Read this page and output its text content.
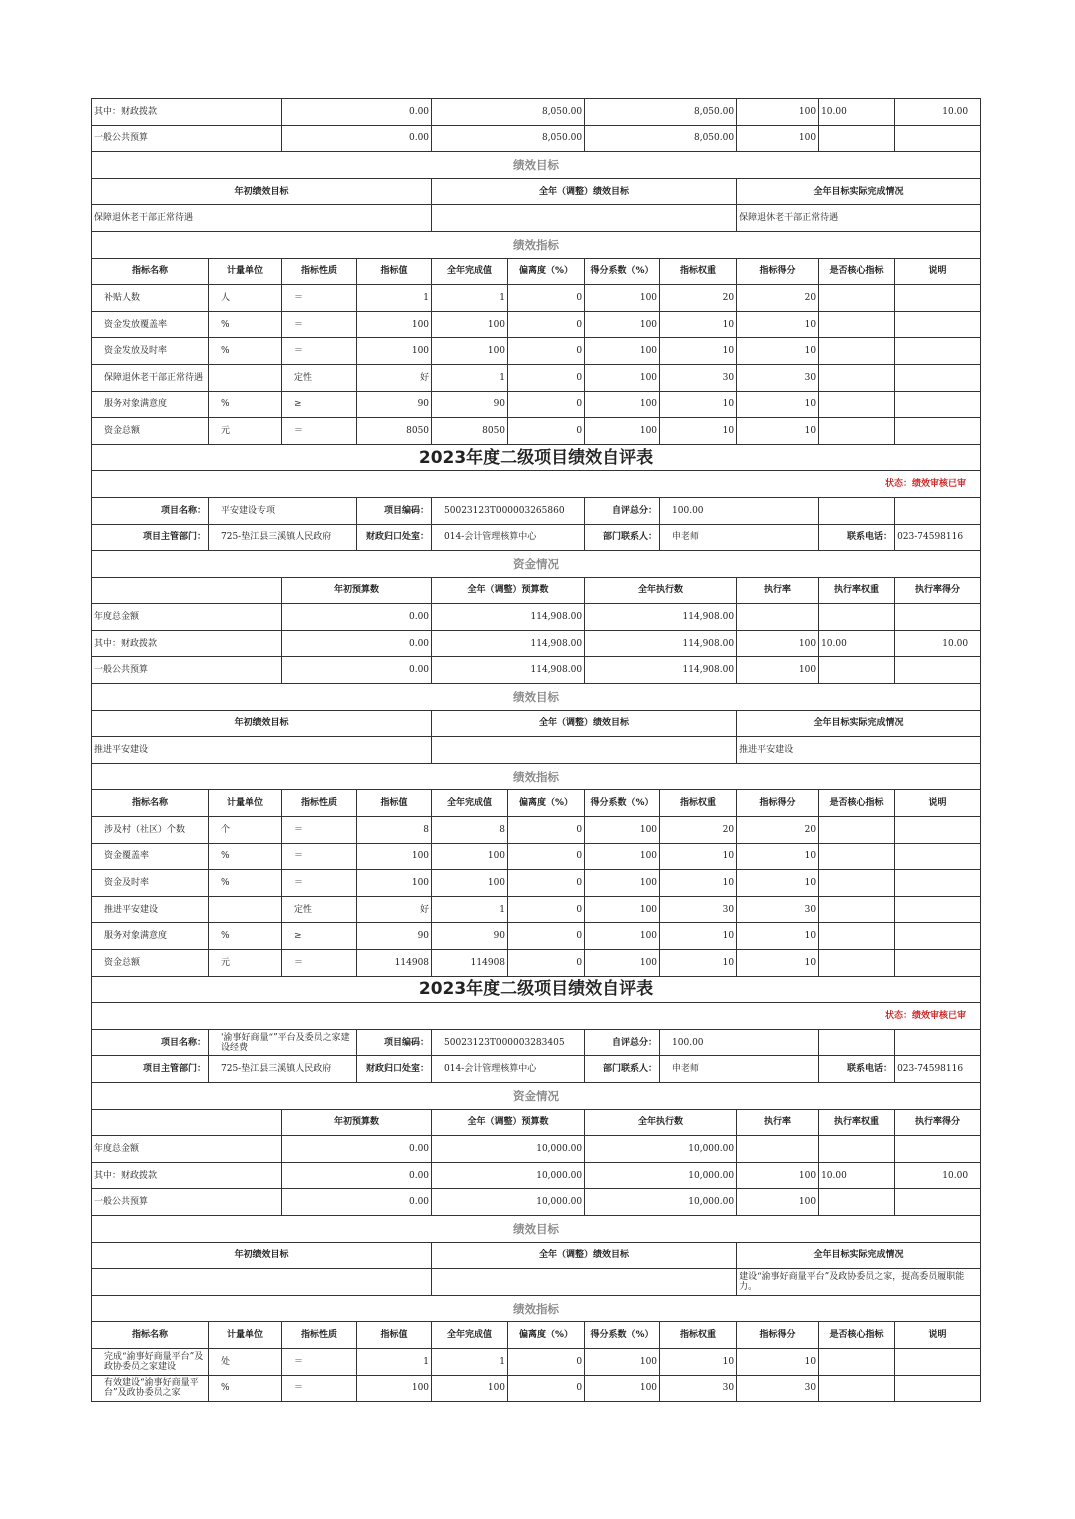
其中：财政拨款		0.00		8,050.00		8,050.00		100	10.00	10.00
一般公共预算		0.00		8,050.00		8,050.00		100		
绩效目标										
年初绩效目标				全年（调整）绩效目标				全年目标实际完成情况		
保障退休老干部正常待遇								保障退休老干部正常待遇		
绩效指标										
指标名称	计量单位	指标性质	指标值	全年完成值	偏离度（%）	得分系数（%）	指标权重	指标得分	是否核心指标	说明
补贴人数	人	＝	1	1	0	100	20	20		
资金发放覆盖率	%	＝	100	100	0	100	10	10		
资金发放及时率	%	＝	100	100	0	100	10	10		
保障退休老干部正常待遇		定性	好	1	0	100	30	30		
服务对象满意度	%	≥	90	90	0	100	10	10		
资金总额	元	＝	8050	8050	0	100	10	10		
2023年度二级项目绩效自评表										
状态：绩效审核已审										
项目名称：	平安建设专项		项目编码：	50023123T000003265860		自评总分：	100.00			
项目主管部门：	725-垫江县三溪镇人民政府		财政归口处室：	014-会计管理核算中心		部门联系人：	申老师		联系电话：	023-74598116
资金情况										
		年初预算数		全年（调整）预算数		全年执行数		执行率	执行率权重	执行率得分
年度总金额		0.00		114,908.00		114,908.00				
其中：财政拨款		0.00		114,908.00		114,908.00		100	10.00	10.00
一般公共预算		0.00		114,908.00		114,908.00		100		
绩效目标										
年初绩效目标				全年（调整）绩效目标				全年目标实际完成情况		
推进平安建设								推进平安建设		
绩效指标										
指标名称	计量单位	指标性质	指标值	全年完成值	偏离度（%）	得分系数（%）	指标权重	指标得分	是否核心指标	说明
涉及村（社区）个数	个	＝	8	8	0	100	20	20		
资金覆盖率	%	＝	100	100	0	100	10	10		
资金及时率	%	＝	100	100	0	100	10	10		
推进平安建设		定性	好	1	0	100	30	30		
服务对象满意度	%	≥	90	90	0	100	10	10		
资金总额	元	＝	114908	114908	0	100	10	10		
2023年度二级项目绩效自评表										
状态：绩效审核已审										
项目名称：	'渝事好商量“”平台及委员之家建设经费		项目编码：	50023123T000003283405		自评总分：	100.00			
项目主管部门：	725-垫江县三溪镇人民政府		财政归口处室：	014-会计管理核算中心		部门联系人：	申老师		联系电话：	023-74598116
资金情况										
		年初预算数		全年（调整）预算数		全年执行数		执行率	执行率权重	执行率得分
年度总金额		0.00		10,000.00		10,000.00				
其中：财政拨款		0.00		10,000.00		10,000.00		100	10.00	10.00
一般公共预算		0.00		10,000.00		10,000.00		100		
绩效目标										
年初绩效目标				全年（调整）绩效目标				全年目标实际完成情况		
								建设“渝事好商量平台”及政协委员之家，提高委员履职能力。		
绩效指标										
指标名称	计量单位	指标性质	指标值	全年完成值	偏离度（%）	得分系数（%）	指标权重	指标得分	是否核心指标	说明
完成“渝事好商量平台”及政协委员之家建设	处	＝	1	1	0	100	10	10		
有效建设“渝事好商量平台”及政协委员之家	%	＝	100	100	0	100	30	30		
